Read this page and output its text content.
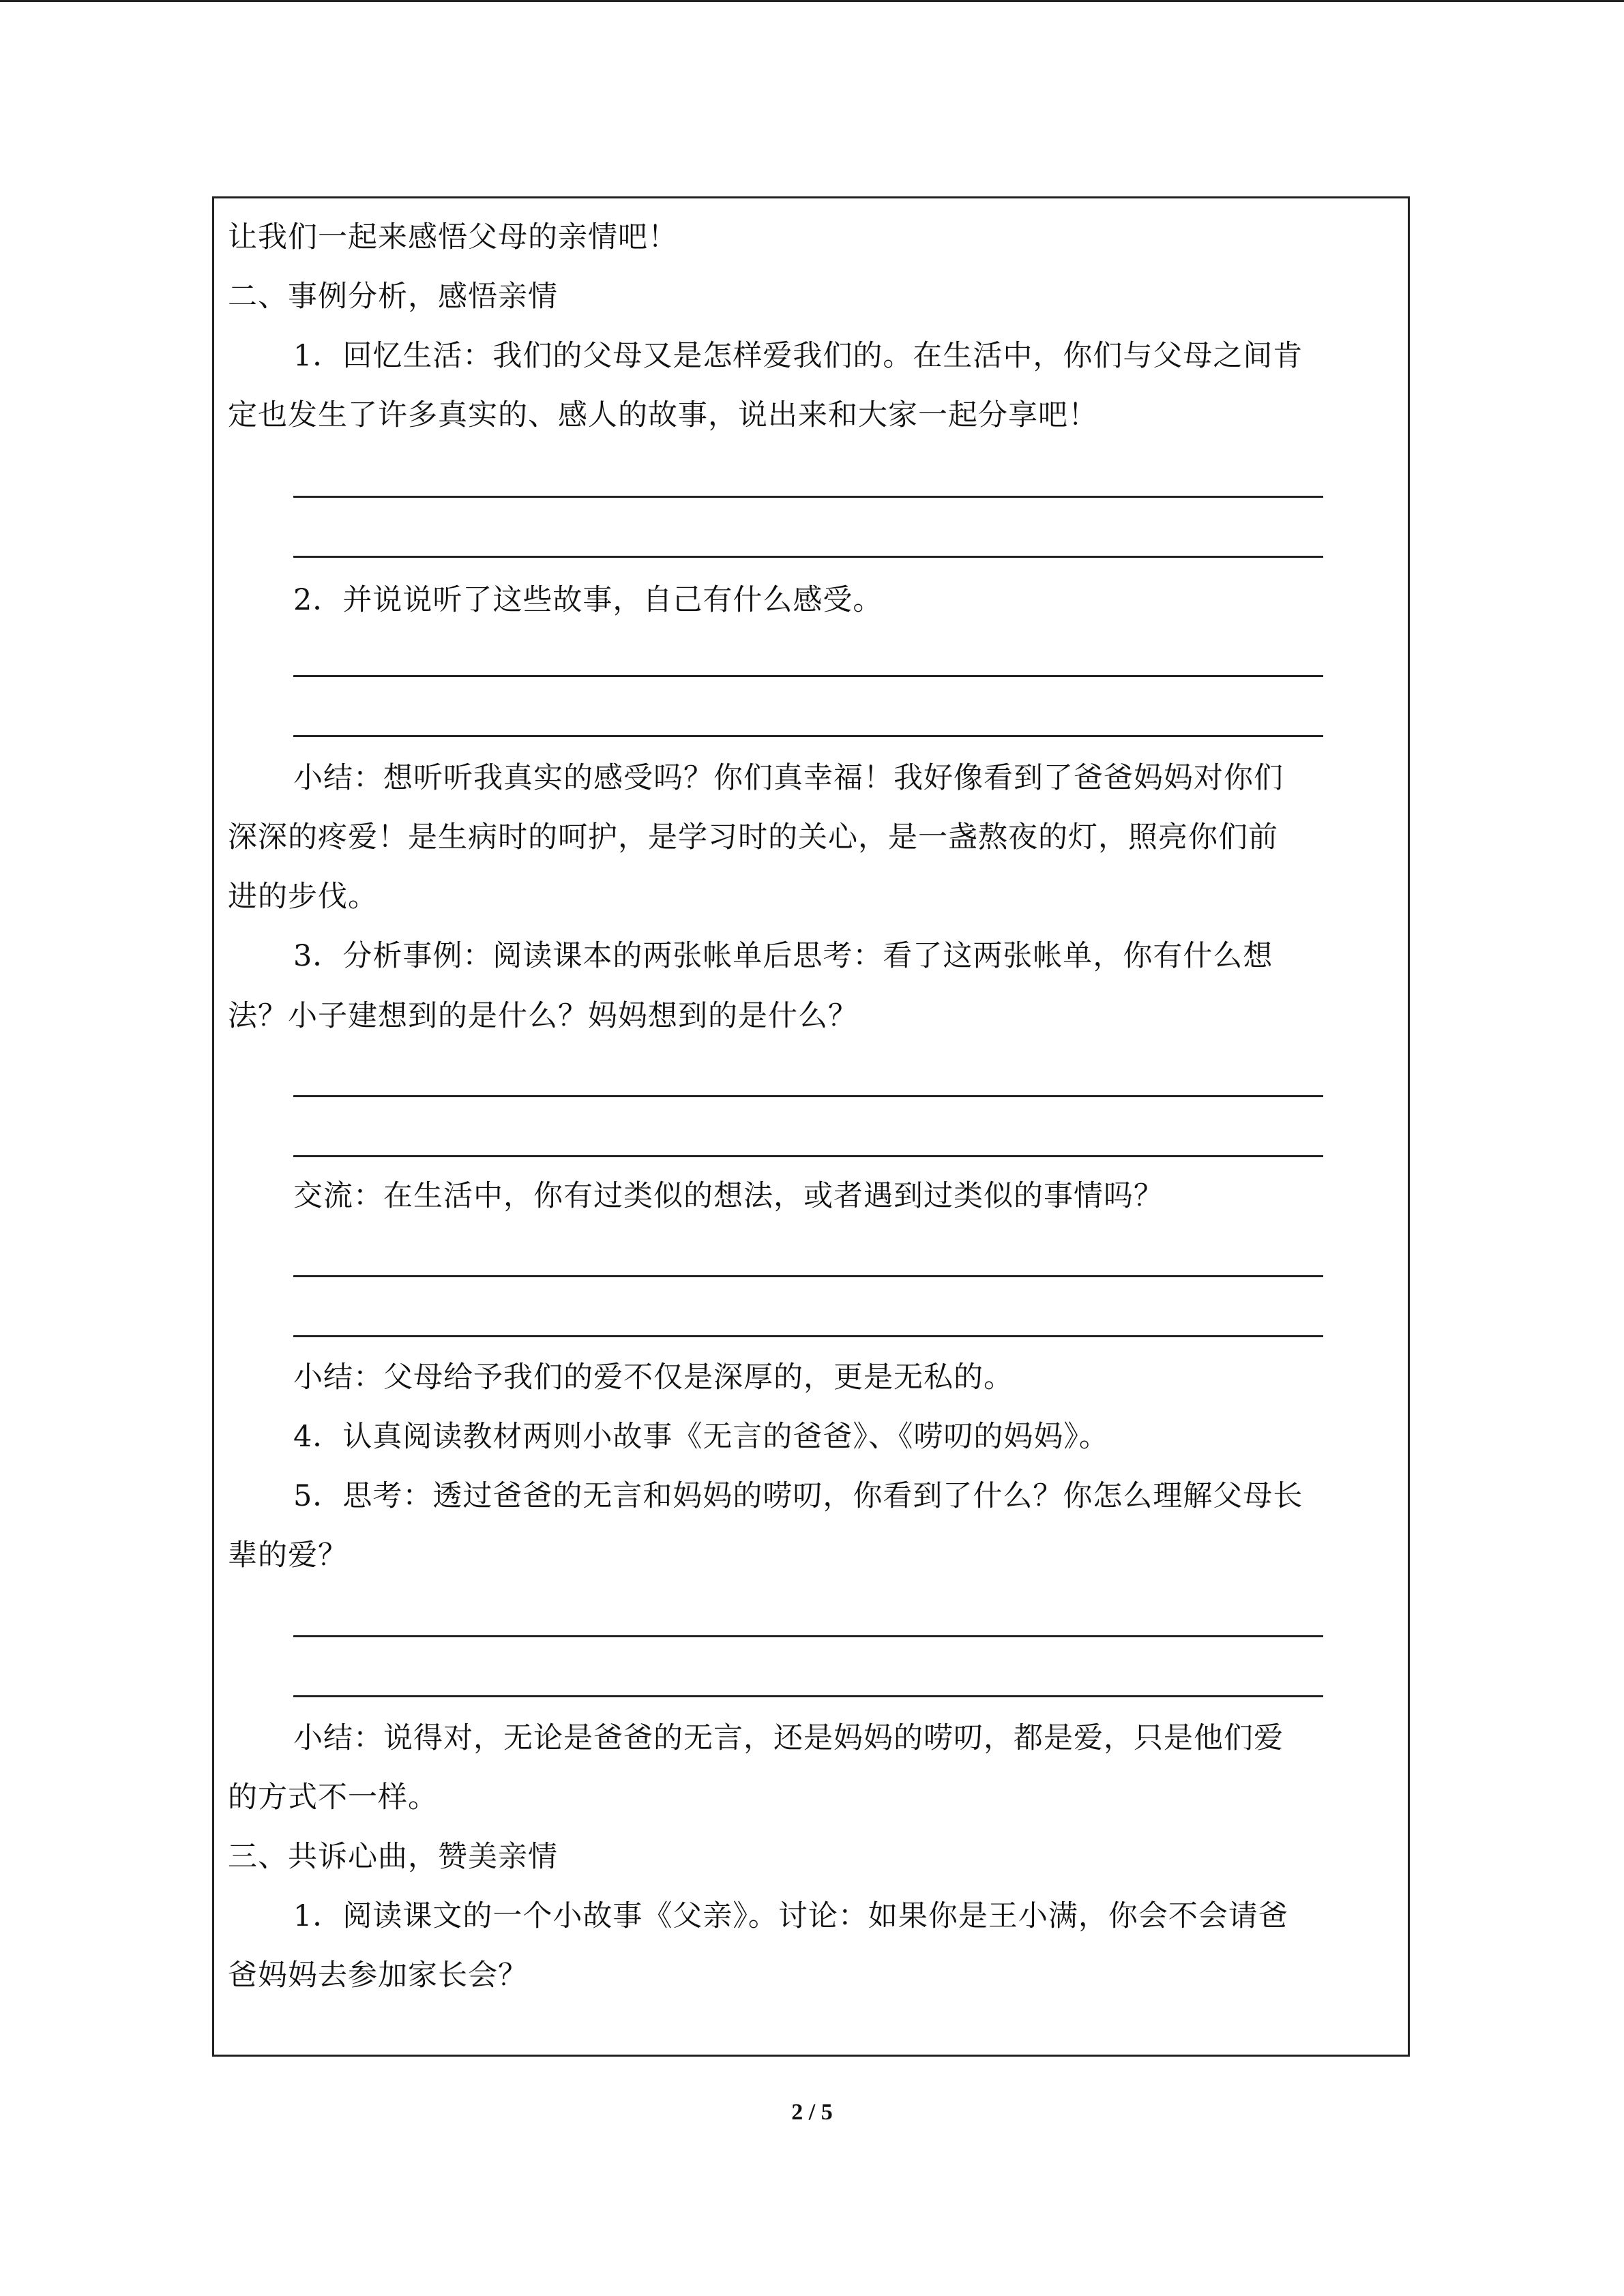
让我们一起来感悟父母的亲情吧！
二、事例分析，感悟亲情
1．回忆生活：我们的父母又是怎样爱我们的。在生活中，你们与父母之间肯
定也发生了许多真实的、感人的故事，说出来和大家一起分享吧！
2．并说说听了这些故事，自己有什么感受。
小结：想听听我真实的感受吗？你们真幸福！我好像看到了爸爸妈妈对你们
深深的疼爱！是生病时的呵护，是学习时的关心，是一盏熬夜的灯，照亮你们前
进的步伐。
3．分析事例：阅读课本的两张帐单后思考：看了这两张帐单，你有什么想
法？小子建想到的是什么？妈妈想到的是什么？
交流：在生活中，你有过类似的想法，或者遇到过类似的事情吗？
小结：父母给予我们的爱不仅是深厚的，更是无私的。
4．认真阅读教材两则小故事《无言的爸爸》、《唠叨的妈妈》。
5．思考：透过爸爸的无言和妈妈的唠叨，你看到了什么？你怎么理解父母长
辈的爱？
小结：说得对，无论是爸爸的无言，还是妈妈的唠叨，都是爱，只是他们爱
的方式不一样。
三、共诉心曲，赞美亲情
1．阅读课文的一个小故事《父亲》。讨论：如果你是王小满，你会不会请爸
爸妈妈去参加家长会？
2 / 5
